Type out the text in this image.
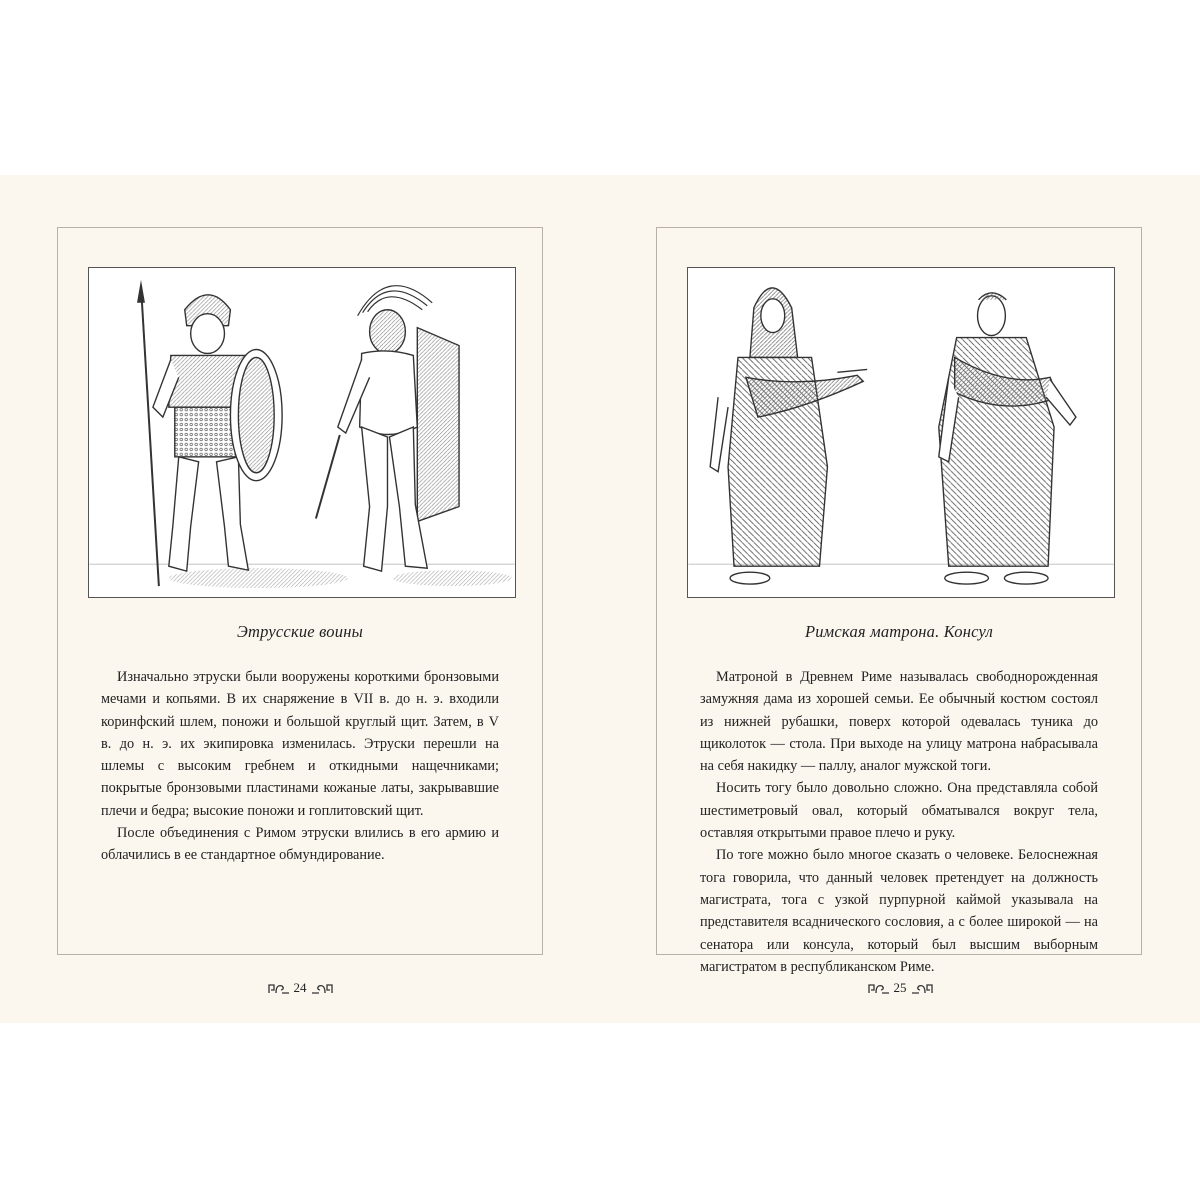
Этрусские воины

Изначально этруски были вооружены короткими бронзовыми мечами и копьями. В их снаряжение в VII в. до н. э. входили коринфский шлем, поножи и большой круглый щит. Затем, в V в. до н. э. их экипировка изменилась. Этруски перешли на шлемы с высоким гребнем и откидными нащечниками; покрытые бронзовыми пластинами кожаные латы, закрывавшие плечи и бедра; высокие поножи и гоплитовский щит.

После объединения с Римом этруски влились в его армию и облачились в ее стандартное обмундирование.

24
Римская матрона. Консул

Матроной в Древнем Риме называлась свободнорожденная замужняя дама из хорошей семьи. Ее обычный костюм состоял из нижней рубашки, поверх которой одевалась туника до щиколоток — стола. При выходе на улицу матрона набрасывала на себя накидку — паллу, аналог мужской тоги.

Носить тогу было довольно сложно. Она представляла собой шестиметровый овал, который обматывался вокруг тела, оставляя открытыми правое плечо и руку.

По тоге можно было многое сказать о человеке. Белоснежная тога говорила, что данный человек претендует на должность магистрата, тога с узкой пурпурной каймой указывала на представителя всаднического сословия, а с более широкой — на сенатора или консула, который был высшим выборным магистратом в республиканском Риме.

25
